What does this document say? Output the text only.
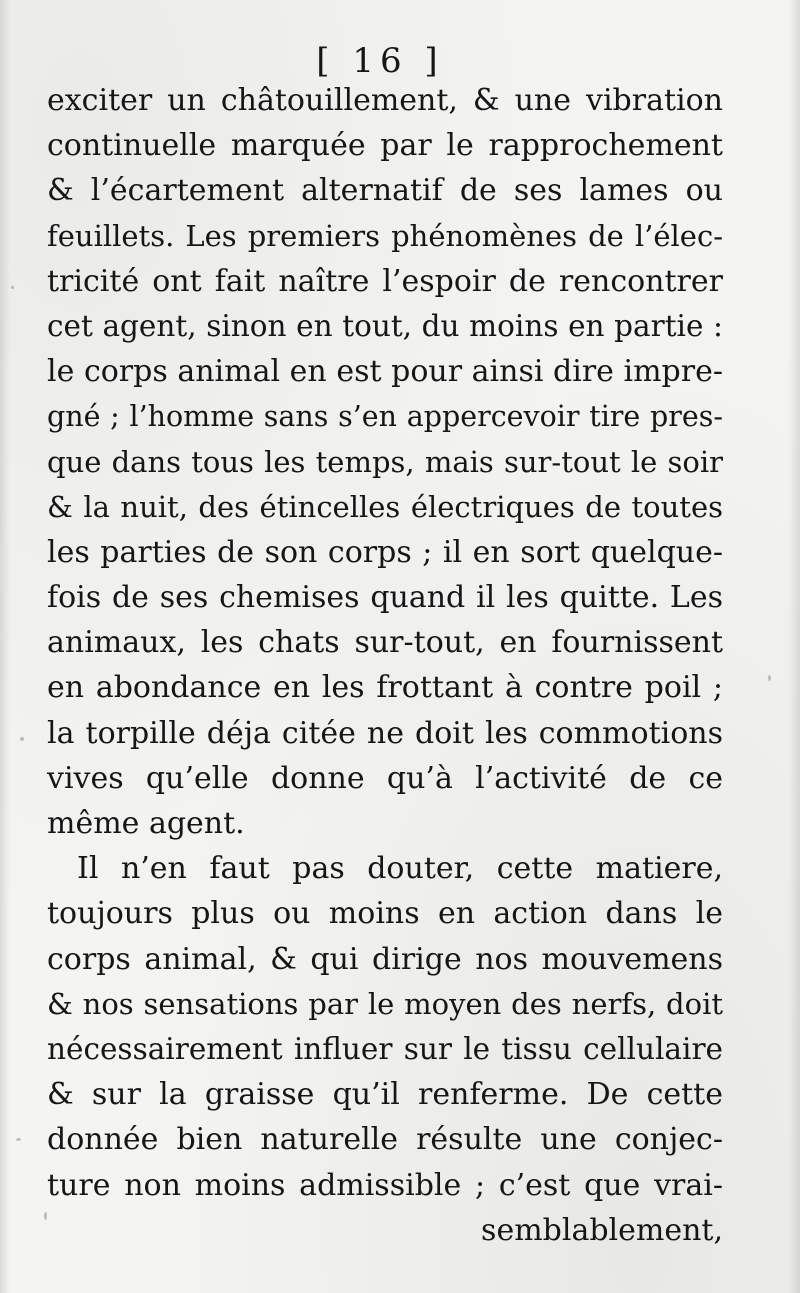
[ 16 ]
exciter un châtouillement, & une vibration
continuelle marquée par le rapprochement
& l’écartement alternatif de ses lames ou
feuillets. Les premiers phénomènes de l’élec-
tricité ont fait naître l’espoir de rencontrer
cet agent, sinon en tout, du moins en partie :
le corps animal en est pour ainsi dire impre-
gné ; l’homme sans s’en appercevoir tire pres-
que dans tous les temps, mais sur-tout le soir
& la nuit, des étincelles électriques de toutes
les parties de son corps ; il en sort quelque-
fois de ses chemises quand il les quitte. Les
animaux, les chats sur-tout, en fournissent
en abondance en les frottant à contre poil ;
la torpille déja citée ne doit les commotions
vives qu’elle donne qu’à l’activité de ce
même agent.
Il n’en faut pas douter, cette matiere,
toujours plus ou moins en action dans le
corps animal, & qui dirige nos mouvemens
& nos sensations par le moyen des nerfs, doit
nécessairement influer sur le tissu cellulaire
& sur la graisse qu’il renferme. De cette
donnée bien naturelle résulte une conjec-
ture non moins admissible ; c’est que vrai-
semblablement,
